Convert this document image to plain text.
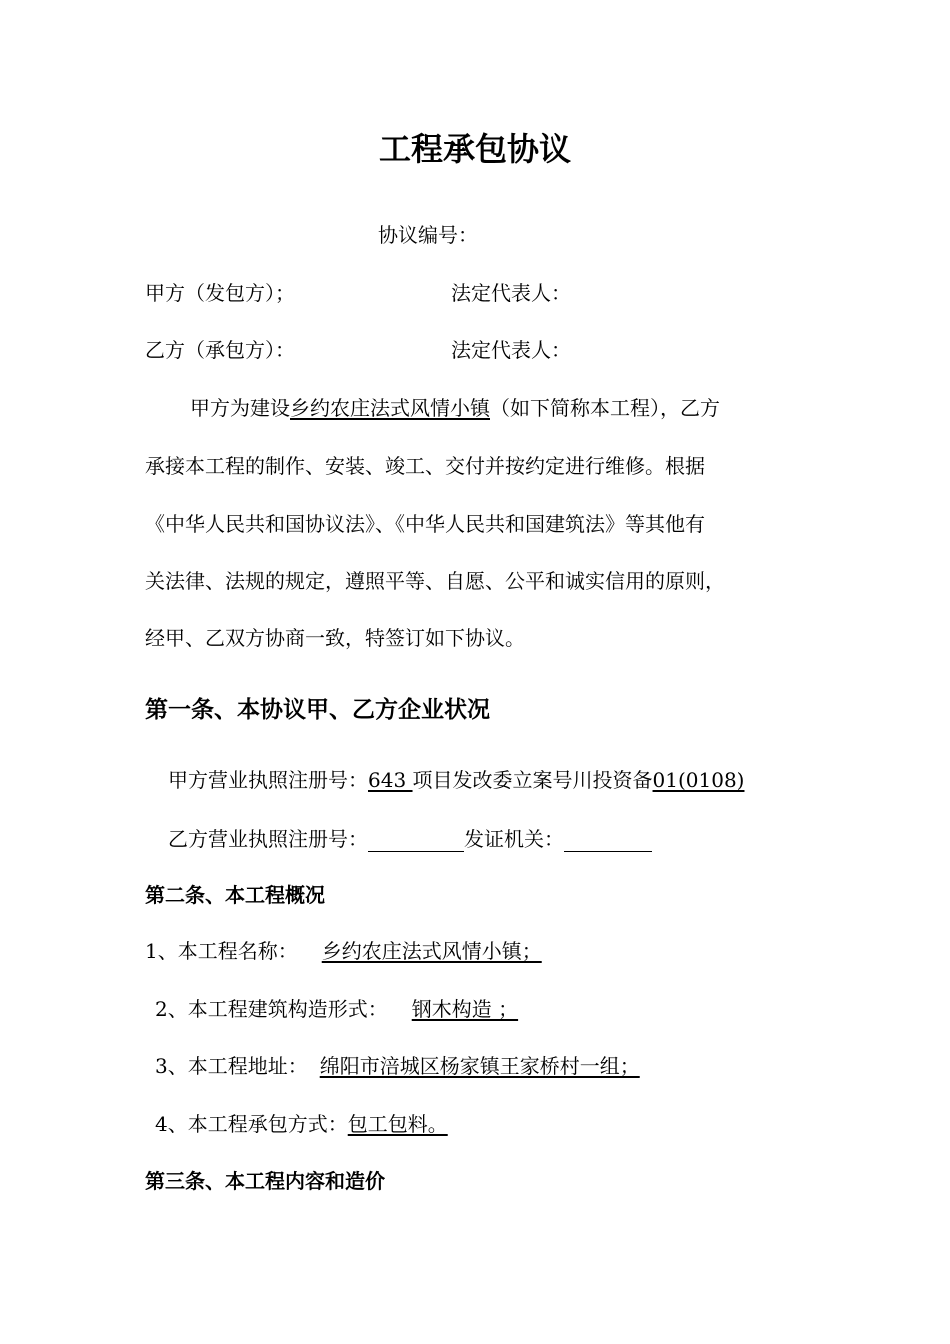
工程承包协议
协议编号：
甲方（发包方）；	法定代表人：
乙方（承包方）：	法定代表人：
甲方为建设乡约农庄法式风情小镇（如下简称本工程），乙方
承接本工程的制作、安装、竣工、交付并按约定进行维修。根据
《中华人民共和国协议法》、《中华人民共和国建筑法》等其他有
关法律、法规的规定，遵照平等、自愿、公平和诚实信用的原则，
经甲、乙双方协商一致，特签订如下协议。
第一条、本协议甲、乙方企业状况
甲方营业执照注册号：643 项目发改委立案号川投资备01(0108)
乙方营业执照注册号：	发证机关：
第二条、本工程概况
1、本工程名称： 乡约农庄法式风情小镇；
2、本工程建筑构造形式： 钢木构造 ；
3、本工程地址： 绵阳市涪城区杨家镇王家桥村一组；
4、本工程承包方式：包工包料。
第三条、本工程内容和造价
